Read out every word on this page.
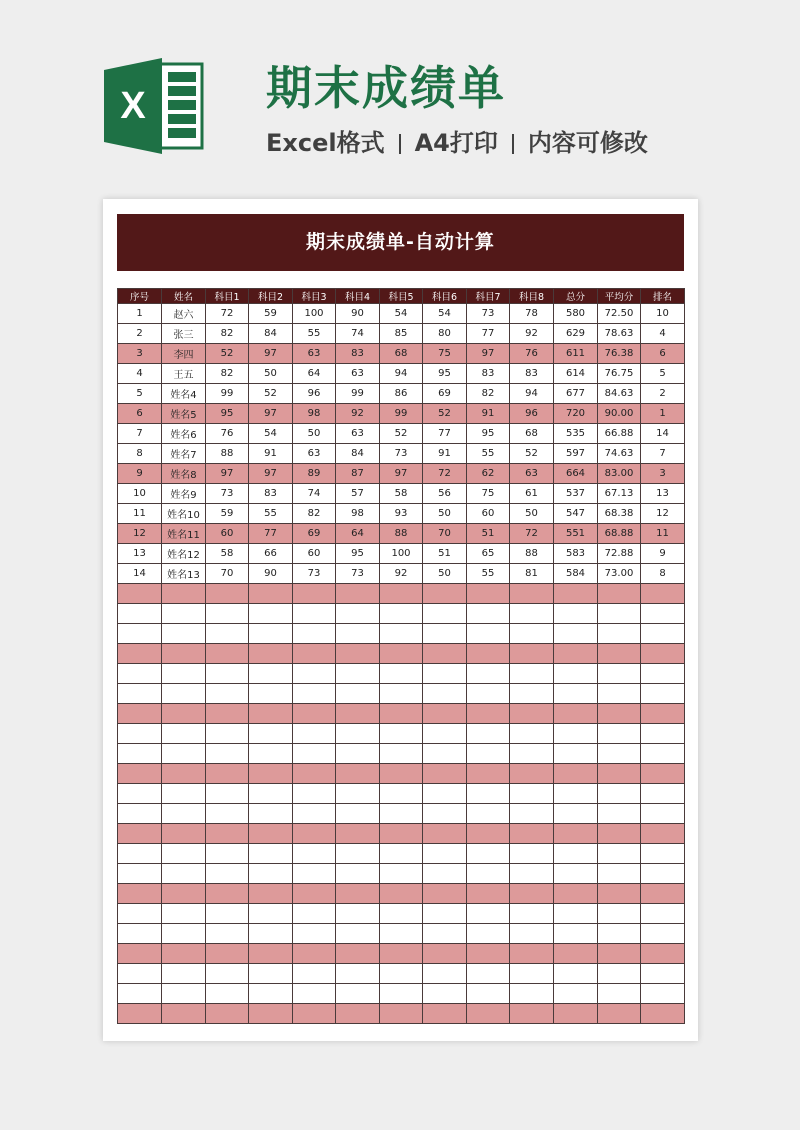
X	期末成绩单
Excel格式 A4打印 内容可修改
期末成绩单-自动计算
序号	姓名	科目1	科目2	科目3	科目4	科目5	科目6	科目7	科目8	总分	平均分	排名
1	赵六	72	59	100	90	54	54	73	78	580	72.50	10
2	张三	82	84	55	74	85	80	77	92	629	78.63	4
3	李四	52	97	63	83	68	75	97	76	611	76.38	6
4	王五	82	50	64	63	94	95	83	83	614	76.75	5
5	姓名4	99	52	96	99	86	69	82	94	677	84.63	2
6	姓名5	95	97	98	92	99	52	91	96	720	90.00	1
7	姓名6	76	54	50	63	52	77	95	68	535	66.88	14
8	姓名7	88	91	63	84	73	91	55	52	597	74.63	7
9	姓名8	97	97	89	87	97	72	62	63	664	83.00	3
10	姓名9	73	83	74	57	58	56	75	61	537	67.13	13
11	姓名10	59	55	82	98	93	50	60	50	547	68.38	12
12	姓名11	60	77	69	64	88	70	51	72	551	68.88	11
13	姓名12	58	66	60	95	100	51	65	88	583	72.88	9
14	姓名13	70	90	73	73	92	50	55	81	584	73.00	8
